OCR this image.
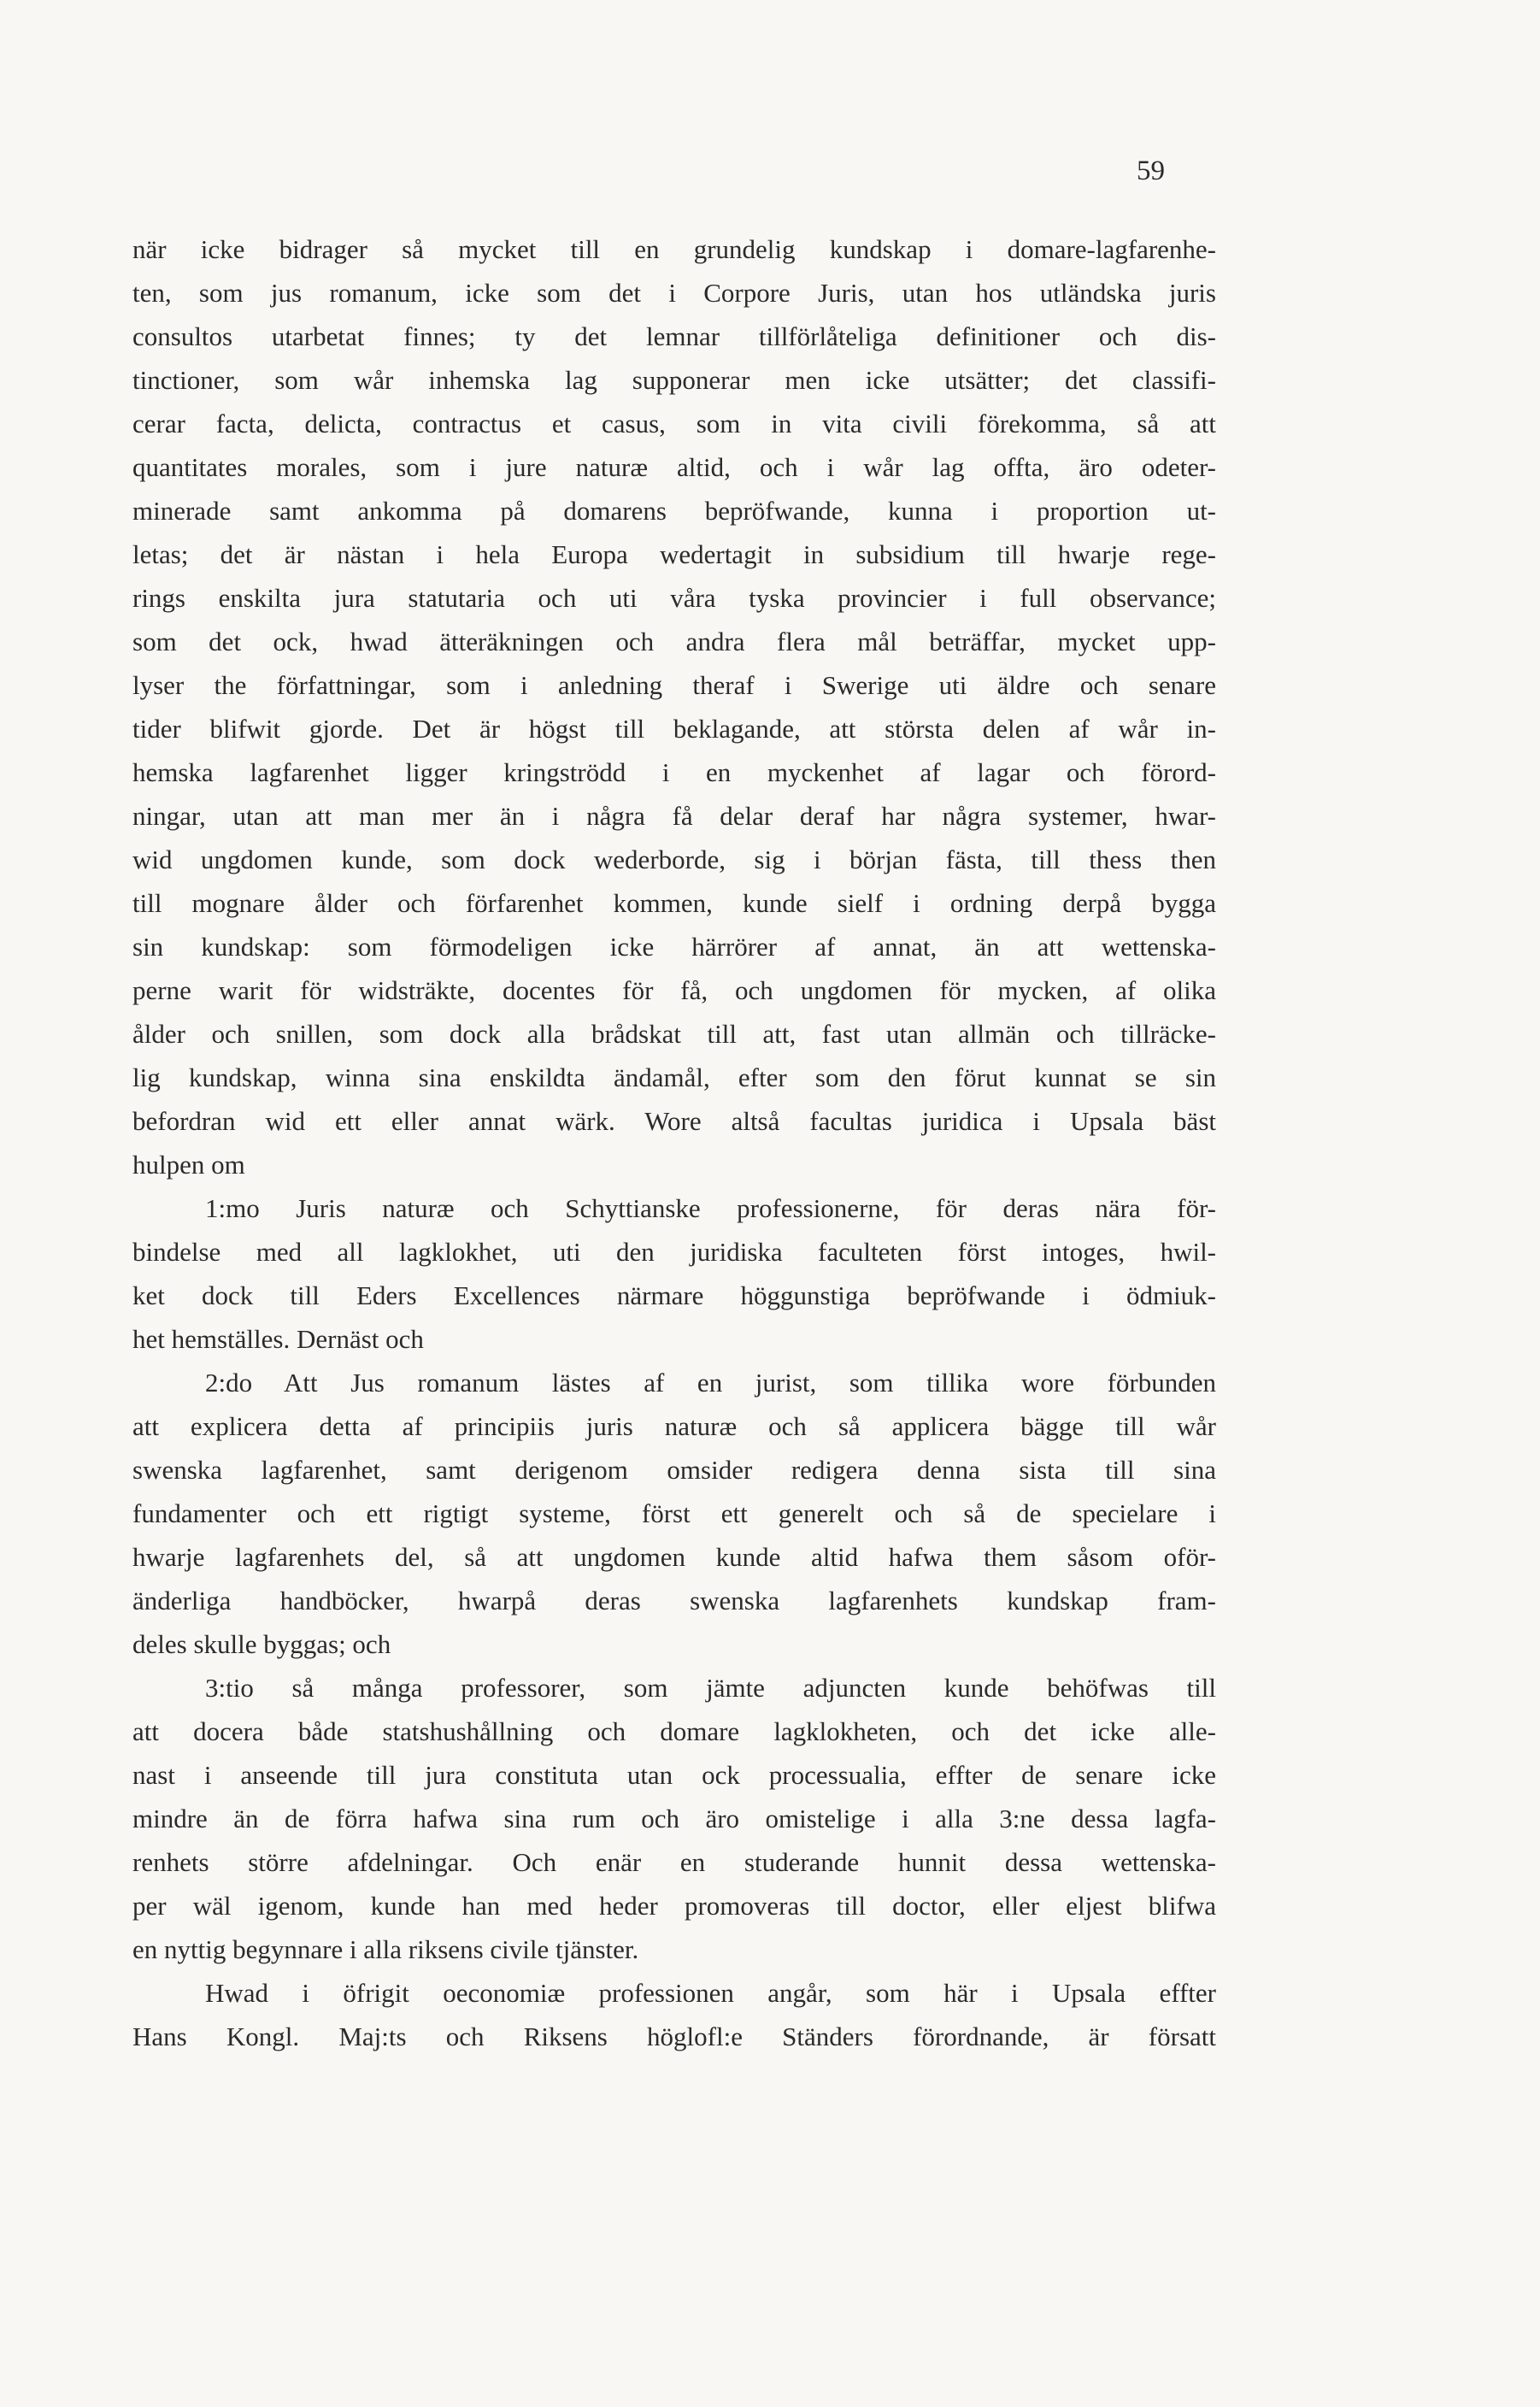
59
när icke bidrager så mycket till en grundelig kundskap i domare-lagfarenhe-
ten, som jus romanum, icke som det i Corpore Juris, utan hos utländska juris
consultos utarbetat finnes; ty det lemnar tillförlåteliga definitioner och dis-
tinctioner, som wår inhemska lag supponerar men icke utsätter; det classifi-
cerar facta, delicta, contractus et casus, som in vita civili förekomma, så att
quantitates morales, som i jure naturæ altid, och i wår lag offta, äro odeter-
minerade samt ankomma på domarens bepröfwande, kunna i proportion ut-
letas; det är nästan i hela Europa wedertagit in subsidium till hwarje rege-
rings enskilta jura statutaria och uti våra tyska provincier i full observance;
som det ock, hwad ätteräkningen och andra flera mål beträffar, mycket upp-
lyser the författningar, som i anledning theraf i Swerige uti äldre och senare
tider blifwit gjorde. Det är högst till beklagande, att största delen af wår in-
hemska lagfarenhet ligger kringströdd i en myckenhet af lagar och förord-
ningar, utan att man mer än i några få delar deraf har några systemer, hwar-
wid ungdomen kunde, som dock wederborde, sig i början fästa, till thess then
till mognare ålder och förfarenhet kommen, kunde sielf i ordning derpå bygga
sin kundskap: som förmodeligen icke härrörer af annat, än att wettenska-
perne warit för widsträkte, docentes för få, och ungdomen för mycken, af olika
ålder och snillen, som dock alla brådskat till att, fast utan allmän och tillräcke-
lig kundskap, winna sina enskildta ändamål, efter som den förut kunnat se sin
befordran wid ett eller annat wärk. Wore altså facultas juridica i Upsala bäst
hulpen om
1:mo Juris naturæ och Schyttianske professionerne, för deras nära för-
bindelse med all lagklokhet, uti den juridiska faculteten först intoges, hwil-
ket dock till Eders Excellences närmare höggunstiga bepröfwande i ödmiuk-
het hemställes. Dernäst och
2:do Att Jus romanum lästes af en jurist, som tillika wore förbunden
att explicera detta af principiis juris naturæ och så applicera bägge till wår
swenska lagfarenhet, samt derigenom omsider redigera denna sista till sina
fundamenter och ett rigtigt systeme, först ett generelt och så de specielare i
hwarje lagfarenhets del, så att ungdomen kunde altid hafwa them såsom oför-
änderliga handböcker, hwarpå deras swenska lagfarenhets kundskap fram-
deles skulle byggas; och
3:tio så många professorer, som jämte adjuncten kunde behöfwas till
att docera både statshushållning och domare lagklokheten, och det icke alle-
nast i anseende till jura constituta utan ock processualia, effter de senare icke
mindre än de förra hafwa sina rum och äro omistelige i alla 3:ne dessa lagfa-
renhets större afdelningar. Och enär en studerande hunnit dessa wettenska-
per wäl igenom, kunde han med heder promoveras till doctor, eller eljest blifwa
en nyttig begynnare i alla riksens civile tjänster.
Hwad i öfrigit oeconomiæ professionen angår, som här i Upsala effter
Hans Kongl. Maj:ts och Riksens höglofl:e Ständers förordnande, är försatt
